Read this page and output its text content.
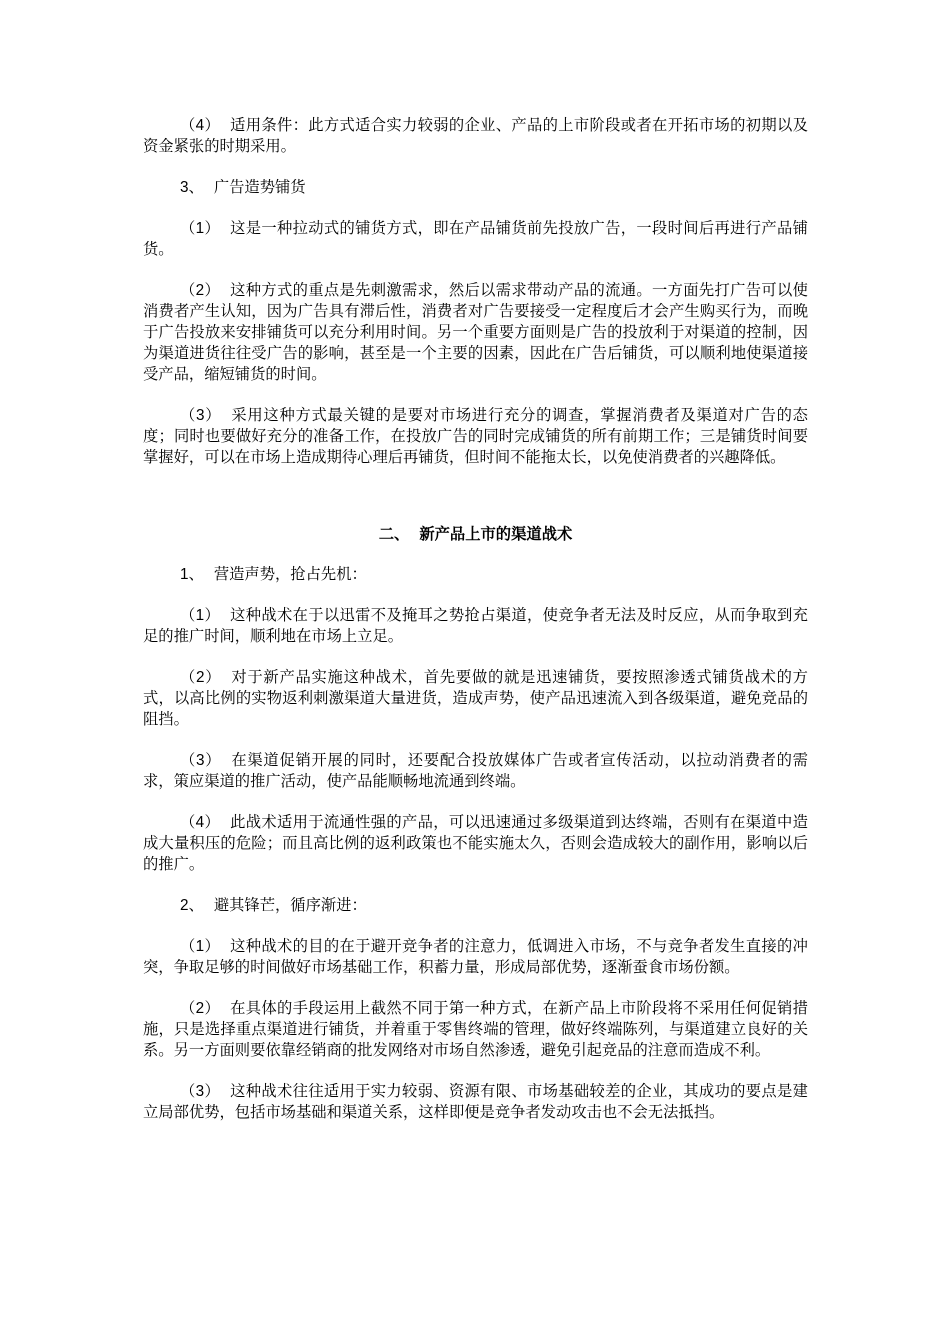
（4） 适用条件：此方式适合实力较弱的企业、产品的上市阶段或者在开拓市场的初期以及资金紧张的时期采用。

3、 广告造势铺货

（1） 这是一种拉动式的铺货方式，即在产品铺货前先投放广告，一段时间后再进行产品铺货。

（2） 这种方式的重点是先刺激需求，然后以需求带动产品的流通。一方面先打广告可以使消费者产生认知，因为广告具有滞后性，消费者对广告要接受一定程度后才会产生购买行为，而晚于广告投放来安排铺货可以充分利用时间。另一个重要方面则是广告的投放利于对渠道的控制，因为渠道进货往往受广告的影响，甚至是一个主要的因素，因此在广告后铺货，可以顺利地使渠道接受产品，缩短铺货的时间。

（3） 采用这种方式最关键的是要对市场进行充分的调查，掌握消费者及渠道对广告的态度；同时也要做好充分的准备工作，在投放广告的同时完成铺货的所有前期工作；三是铺货时间要掌握好，可以在市场上造成期待心理后再铺货，但时间不能拖太长，以免使消费者的兴趣降低。

二、 新产品上市的渠道战术

1、 营造声势，抢占先机：

（1） 这种战术在于以迅雷不及掩耳之势抢占渠道，使竞争者无法及时反应，从而争取到充足的推广时间，顺利地在市场上立足。

（2） 对于新产品实施这种战术，首先要做的就是迅速铺货，要按照渗透式铺货战术的方式，以高比例的实物返利刺激渠道大量进货，造成声势，使产品迅速流入到各级渠道，避免竞品的阻挡。

（3） 在渠道促销开展的同时，还要配合投放媒体广告或者宣传活动，以拉动消费者的需求，策应渠道的推广活动，使产品能顺畅地流通到终端。

（4） 此战术适用于流通性强的产品，可以迅速通过多级渠道到达终端，否则有在渠道中造成大量积压的危险；而且高比例的返利政策也不能实施太久，否则会造成较大的副作用，影响以后的推广。

2、 避其锋芒，循序渐进：

（1） 这种战术的目的在于避开竞争者的注意力，低调进入市场，不与竞争者发生直接的冲突，争取足够的时间做好市场基础工作，积蓄力量，形成局部优势，逐渐蚕食市场份额。

（2） 在具体的手段运用上截然不同于第一种方式，在新产品上市阶段将不采用任何促销措施，只是选择重点渠道进行铺货，并着重于零售终端的管理，做好终端陈列，与渠道建立良好的关系。另一方面则要依靠经销商的批发网络对市场自然渗透，避免引起竞品的注意而造成不利。

（3） 这种战术往往适用于实力较弱、资源有限、市场基础较差的企业，其成功的要点是建立局部优势，包括市场基础和渠道关系，这样即便是竞争者发动攻击也不会无法抵挡。
